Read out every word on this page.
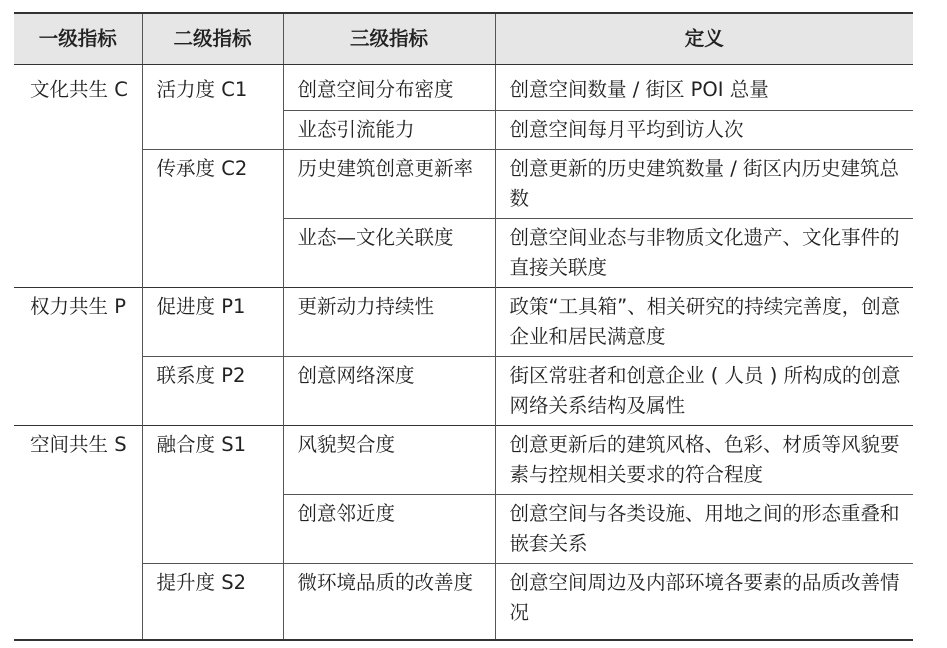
一级指标	二级指标	三级指标	定义
文化共生 C	活力度 C1	创意空间分布密度	创意空间数量 / 街区 POI 总量
		业态引流能力	创意空间每月平均到访人次
	传承度 C2	历史建筑创意更新率	创意更新的历史建筑数量 / 街区内历史建筑总数
		业态—文化关联度	创意空间业态与非物质文化遗产、文化事件的直接关联度
权力共生 P	促进度 P1	更新动力持续性	政策“工具箱”、相关研究的持续完善度，创意企业和居民满意度
	联系度 P2	创意网络深度	街区常驻者和创意企业 ( 人员 ) 所构成的创意网络关系结构及属性
空间共生 S	融合度 S1	风貌契合度	创意更新后的建筑风格、色彩、材质等风貌要素与控规相关要求的符合程度
		创意邻近度	创意空间与各类设施、用地之间的形态重叠和嵌套关系
	提升度 S2	微环境品质的改善度	创意空间周边及内部环境各要素的品质改善情况
